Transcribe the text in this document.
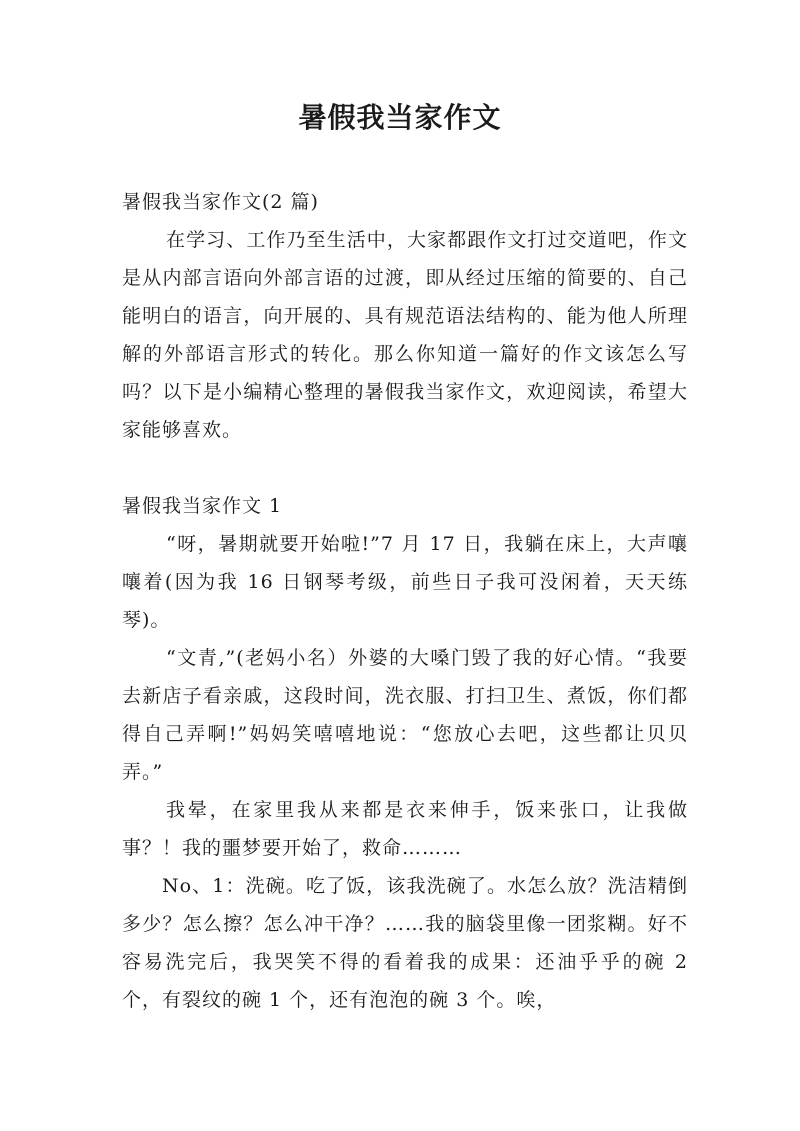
暑假我当家作文

暑假我当家作文(2 篇)

在学习、工作乃至生活中，大家都跟作文打过交道吧，作文是从内部言语向外部言语的过渡，即从经过压缩的简要的、自己能明白的语言，向开展的、具有规范语法结构的、能为他人所理解的外部语言形式的转化。那么你知道一篇好的作文该怎么写吗？以下是小编精心整理的暑假我当家作文，欢迎阅读，希望大家能够喜欢。

暑假我当家作文 1

“呀，暑期就要开始啦!”7 月 17 日，我躺在床上，大声嚷嚷着(因为我 16 日钢琴考级，前些日子我可没闲着，天天练琴)。

“文青,”(老妈小名）外婆的大嗓门毁了我的好心情。“我要去新店子看亲戚，这段时间，洗衣服、打扫卫生、煮饭，你们都得自己弄啊!”妈妈笑嘻嘻地说：“您放心去吧，这些都让贝贝弄。”

我晕，在家里我从来都是衣来伸手，饭来张口，让我做事？！我的噩梦要开始了，救命………

No、1：洗碗。吃了饭，该我洗碗了。水怎么放？洗洁精倒多少？怎么擦？怎么冲干净？……我的脑袋里像一团浆糊。好不容易洗完后，我哭笑不得的看着我的成果：还油乎乎的碗 2 个，有裂纹的碗 1 个，还有泡泡的碗 3 个。唉，
